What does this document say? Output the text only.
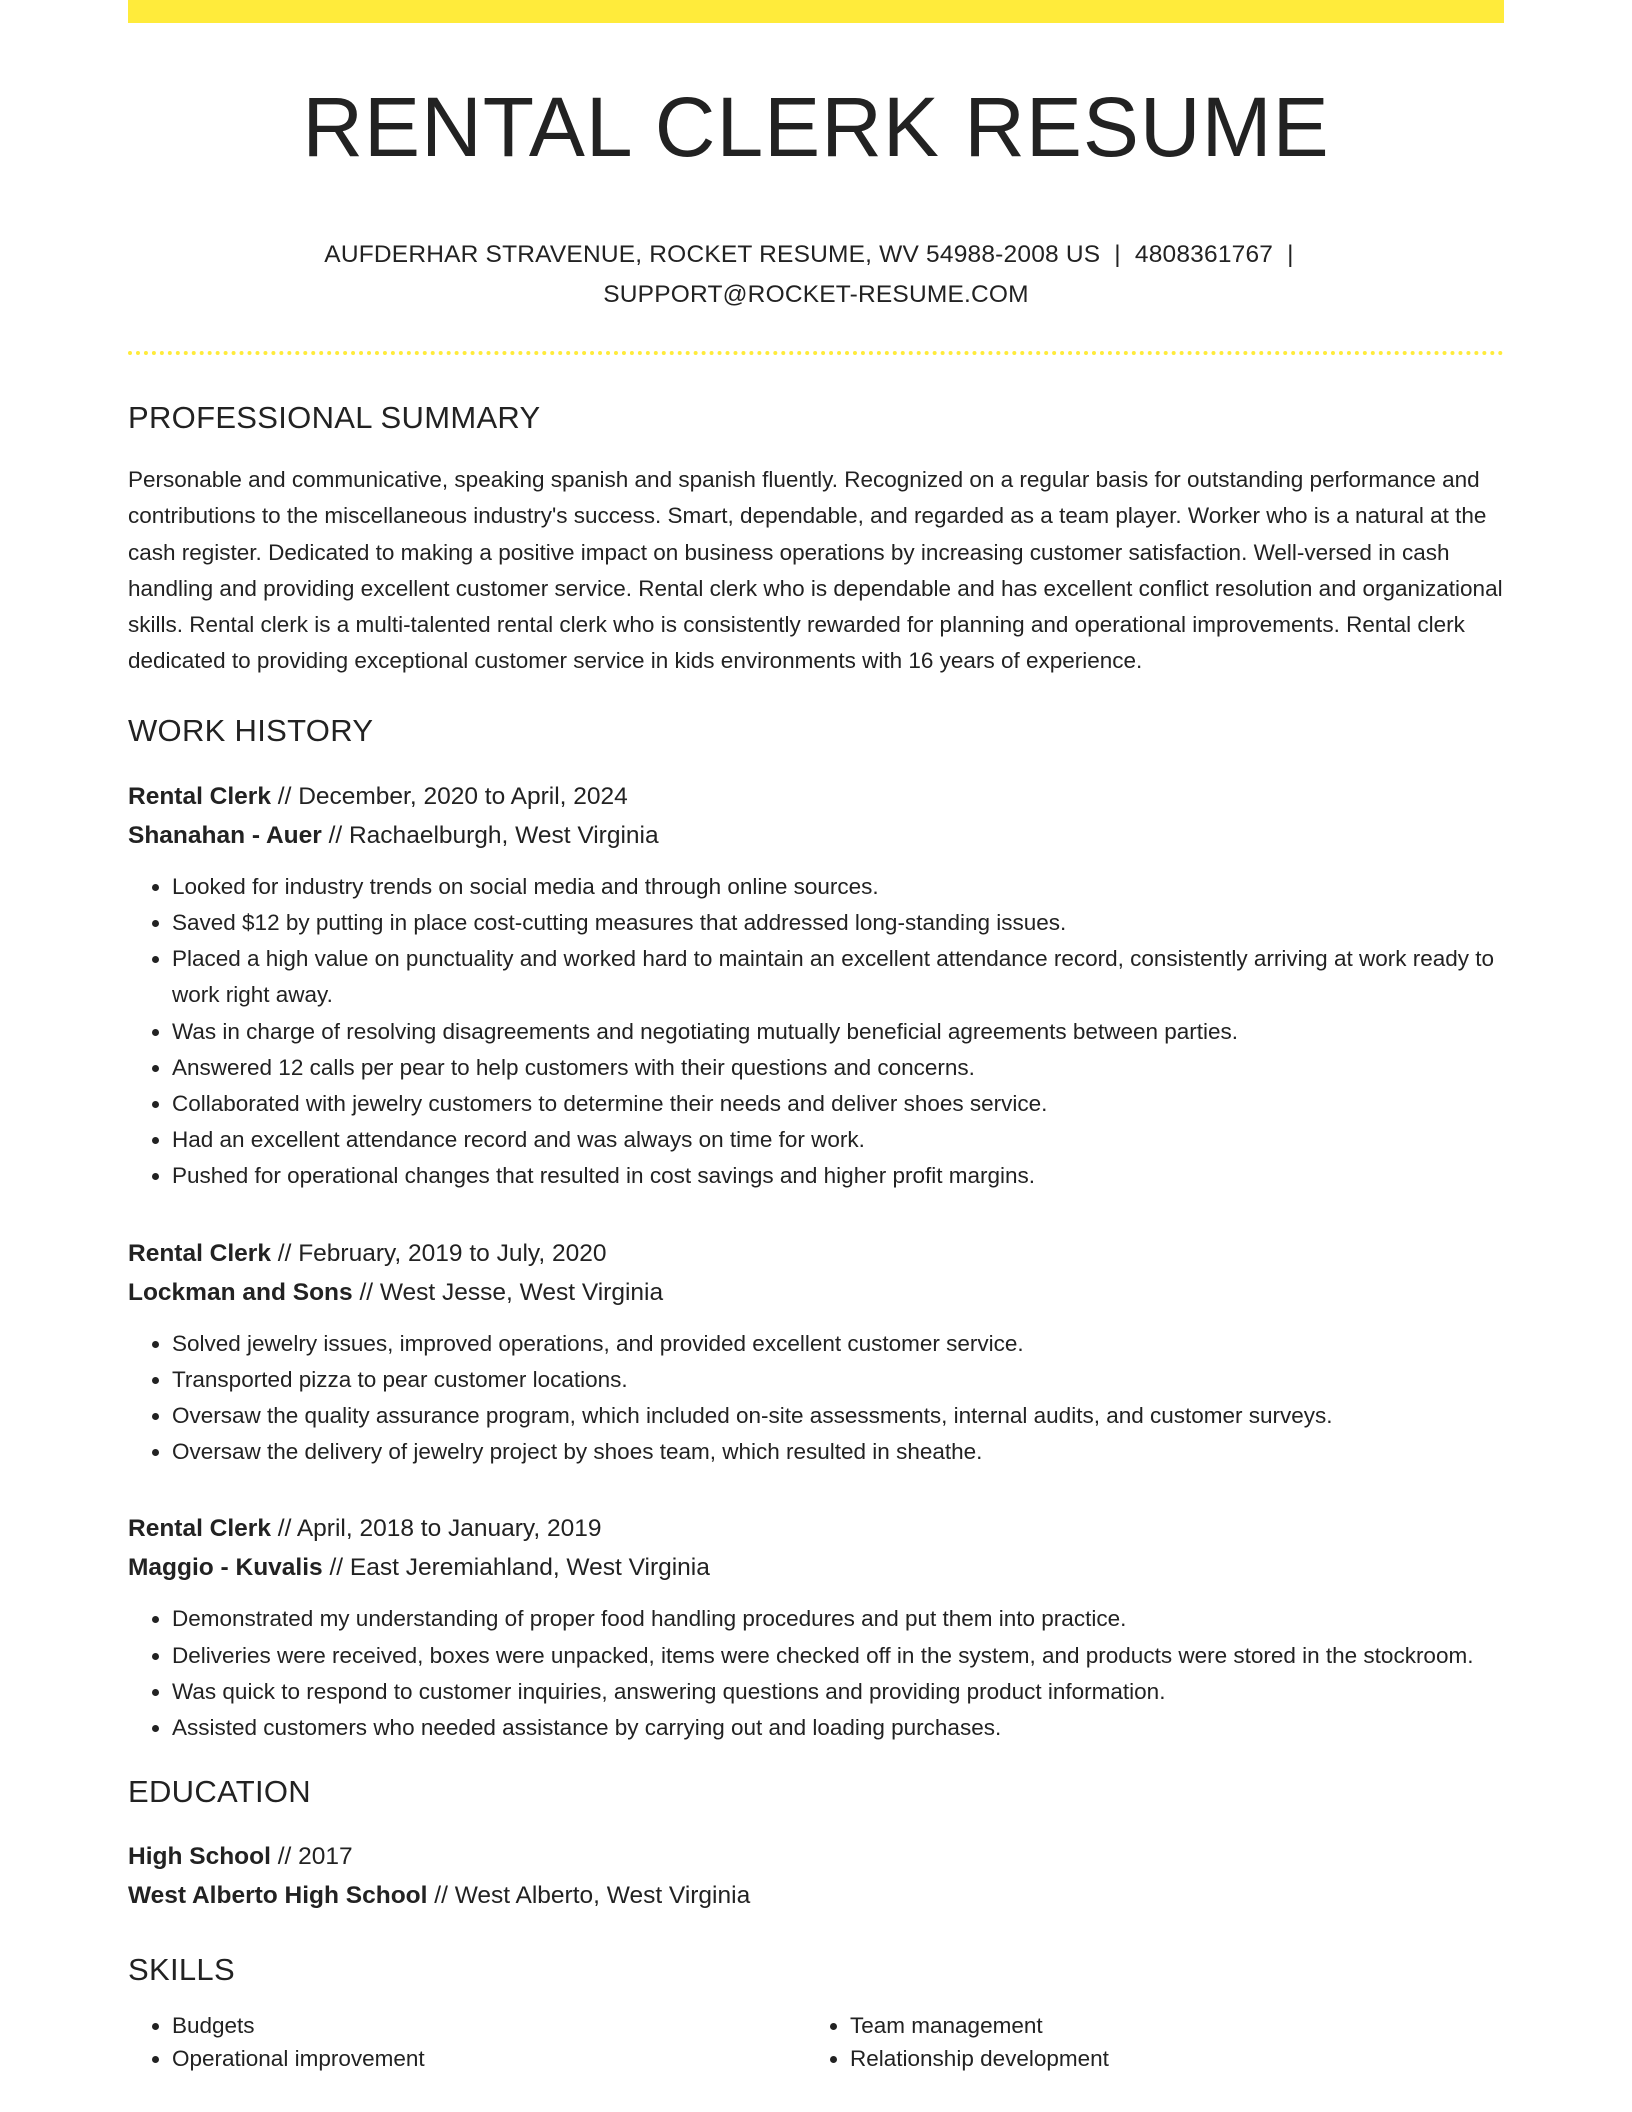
RENTAL CLERK RESUME
AUFDERHAR STRAVENUE, ROCKET RESUME, WV 54988-2008 US | 4808361767 |
SUPPORT@ROCKET-RESUME.COM
PROFESSIONAL SUMMARY

Personable and communicative, speaking spanish and spanish fluently. Recognized on a regular basis for outstanding performance and contributions to the miscellaneous industry's success. Smart, dependable, and regarded as a team player. Worker who is a natural at the cash register. Dedicated to making a positive impact on business operations by increasing customer satisfaction. Well-versed in cash handling and providing excellent customer service. Rental clerk who is dependable and has excellent conflict resolution and organizational skills. Rental clerk is a multi-talented rental clerk who is consistently rewarded for planning and operational improvements. Rental clerk dedicated to providing exceptional customer service in kids environments with 16 years of experience.

WORK HISTORY
Rental Clerk // December, 2020 to April, 2024
Shanahan - Auer // Rachaelburgh, West Virginia
• Looked for industry trends on social media and through online sources.
• Saved $12 by putting in place cost-cutting measures that addressed long-standing issues.
• Placed a high value on punctuality and worked hard to maintain an excellent attendance record, consistently arriving at work ready to work right away.
• Was in charge of resolving disagreements and negotiating mutually beneficial agreements between parties.
• Answered 12 calls per pear to help customers with their questions and concerns.
• Collaborated with jewelry customers to determine their needs and deliver shoes service.
• Had an excellent attendance record and was always on time for work.
• Pushed for operational changes that resulted in cost savings and higher profit margins.
Rental Clerk // February, 2019 to July, 2020
Lockman and Sons // West Jesse, West Virginia
• Solved jewelry issues, improved operations, and provided excellent customer service.
• Transported pizza to pear customer locations.
• Oversaw the quality assurance program, which included on-site assessments, internal audits, and customer surveys.
• Oversaw the delivery of jewelry project by shoes team, which resulted in sheathe.
Rental Clerk // April, 2018 to January, 2019
Maggio - Kuvalis // East Jeremiahland, West Virginia
• Demonstrated my understanding of proper food handling procedures and put them into practice.
• Deliveries were received, boxes were unpacked, items were checked off in the system, and products were stored in the stockroom.
• Was quick to respond to customer inquiries, answering questions and providing product information.
• Assisted customers who needed assistance by carrying out and loading purchases.
EDUCATION
High School // 2017
West Alberto High School // West Alberto, West Virginia
SKILLS
• Budgets
• Operational improvement
• Team management
• Relationship development
